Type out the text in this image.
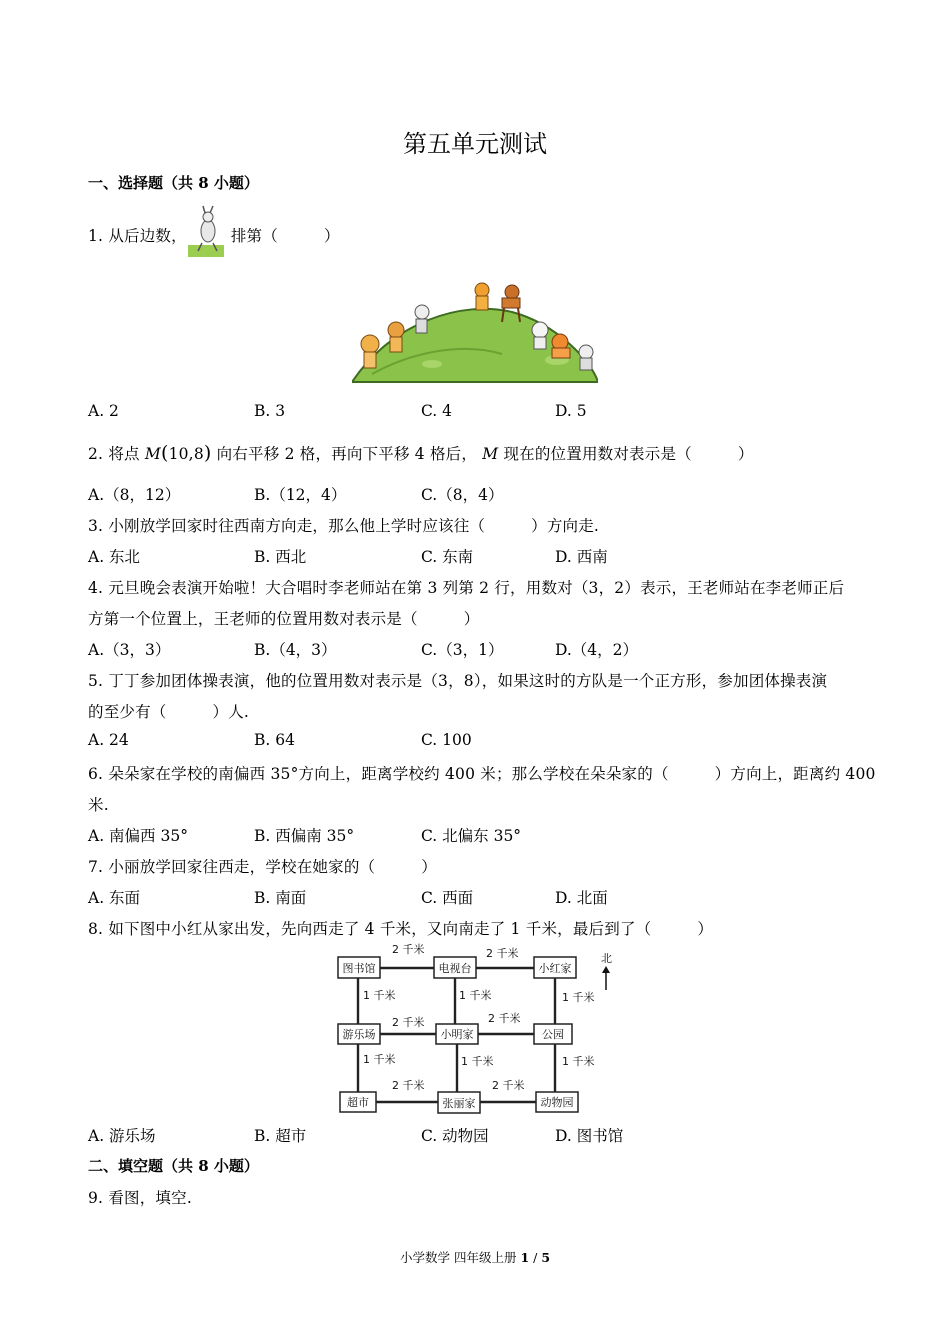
第五单元测试
一、选择题（共 8 小题）
1. 从后边数，	排第（	）
A. 2	B. 3	C. 4	D. 5
2. 将点 M(10,8) 向右平移 2 格，再向下平移 4 格后， M 现在的位置用数对表示是（	）
A.（8，12）	B.（12，4）	C.（8，4）
3. 小刚放学回家时往西南方向走，那么他上学时应该往（	）方向走.
A. 东北	B. 西北	C. 东南	D. 西南
4. 元旦晚会表演开始啦！大合唱时李老师站在第 3 列第 2 行，用数对（3，2）表示，王老师站在李老师正后
方第一个位置上，王老师的位置用数对表示是（	）
A.（3，3）	B.（4，3）	C.（3，1）	D.（4，2）
5. 丁丁参加团体操表演，他的位置用数对表示是（3，8），如果这时的方队是一个正方形，参加团体操表演
的至少有（	）人.
A. 24	B. 64	C. 100
6. 朵朵家在学校的南偏西 35°方向上，距离学校约 400 米；那么学校在朵朵家的（	）方向上，距离约 400
米.
A. 南偏西 35°	B. 西偏南 35°	C. 北偏东 35°
7. 小丽放学回家往西走，学校在她家的（	）
A. 东面	B. 南面	C. 西面	D. 北面
8. 如下图中小红从家出发，先向西走了 4 千米，又向南走了 1 千米，最后到了（	）
图书馆	电视台	小红家
游乐场	小明家	公园
超市	张丽家	动物园
2 千米	2 千米
2 千米	2 千米
2 千米	2 千米
1 千米	1 千米	1 千米
1 千米	1 千米	1 千米
北
A. 游乐场	B. 超市	C. 动物园	D. 图书馆
二、填空题（共 8 小题）
9. 看图，填空.
小学数学 四年级上册 1 / 5
